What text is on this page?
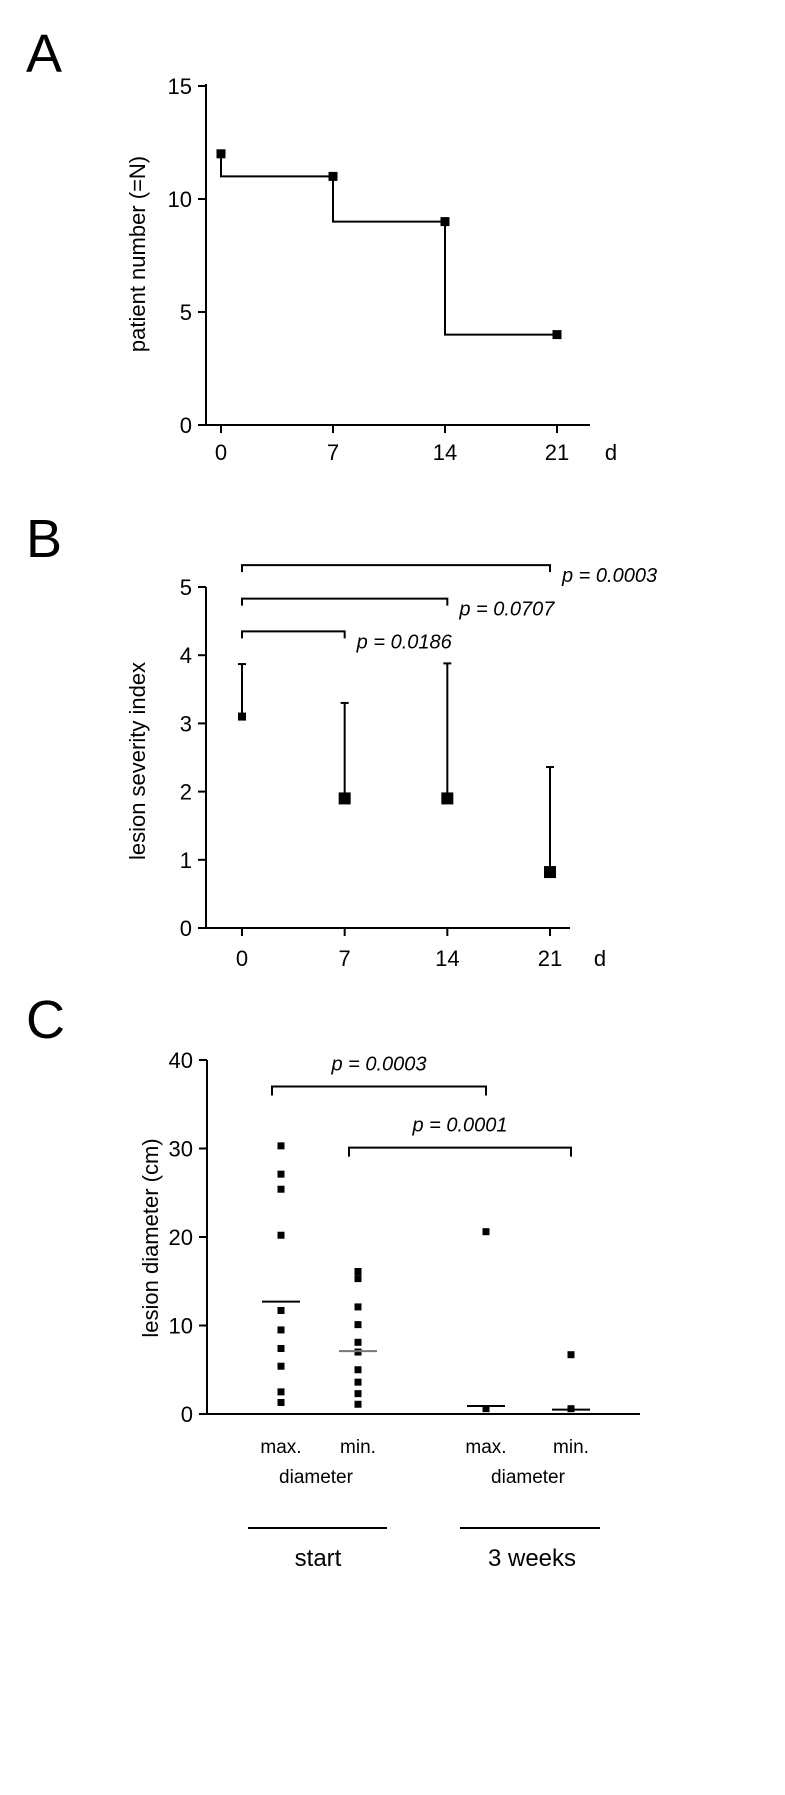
A
patient number (=N)
d
0
5
10
15
0	7	14	21
B
lesion severity index
d
0
1
2
3
4
5
0	7	14	21
p = 0.0186
p = 0.0707
p = 0.0003
C
lesion diameter (cm)
diameter	diameter
start	3 weeks
0
10
20
30
40
max. min.	max. min.
p = 0.0003
p = 0.0001
